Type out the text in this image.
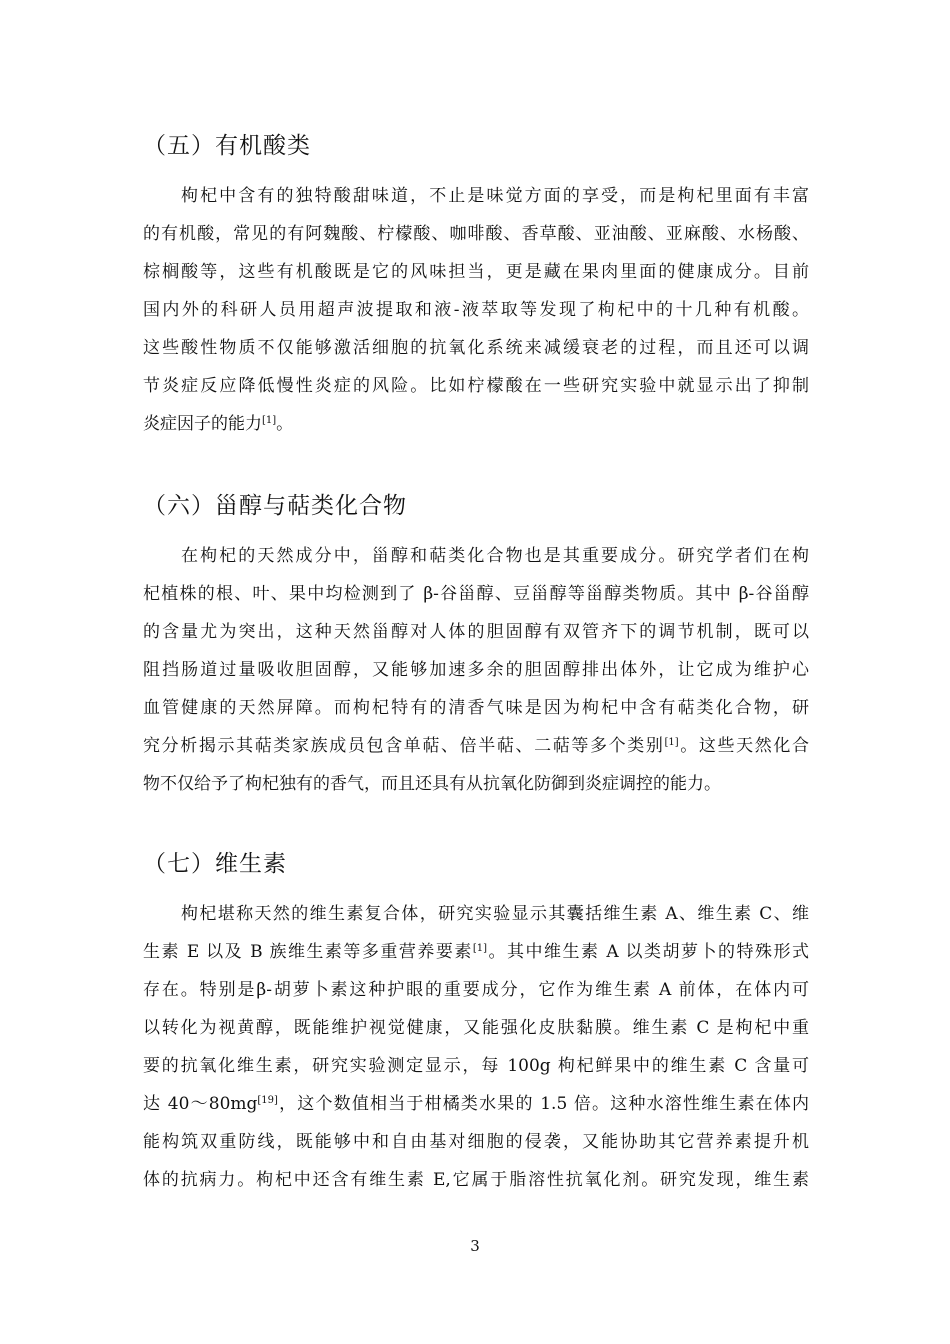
（五）有机酸类
枸杞中含有的独特酸甜味道，不止是味觉方面的享受，而是枸杞里面有丰富
的有机酸，常见的有阿魏酸、柠檬酸、咖啡酸、香草酸、亚油酸、亚麻酸、水杨酸、
棕榈酸等，这些有机酸既是它的风味担当，更是藏在果肉里面的健康成分。目前
国内外的科研人员用超声波提取和液-液萃取等发现了枸杞中的十几种有机酸。
这些酸性物质不仅能够激活细胞的抗氧化系统来减缓衰老的过程，而且还可以调
节炎症反应降低慢性炎症的风险。比如柠檬酸在一些研究实验中就显示出了抑制
炎症因子的能力[1]。
（六）甾醇与萜类化合物
在枸杞的天然成分中，甾醇和萜类化合物也是其重要成分。研究学者们在枸
杞植株的根、叶、果中均检测到了 β-谷甾醇、豆甾醇等甾醇类物质。其中 β-谷甾醇
的含量尤为突出，这种天然甾醇对人体的胆固醇有双管齐下的调节机制，既可以
阻挡肠道过量吸收胆固醇，又能够加速多余的胆固醇排出体外，让它成为维护心
血管健康的天然屏障。而枸杞特有的清香气味是因为枸杞中含有萜类化合物，研
究分析揭示其萜类家族成员包含单萜、倍半萜、二萜等多个类别[1]。这些天然化合
物不仅给予了枸杞独有的香气，而且还具有从抗氧化防御到炎症调控的能力。
（七）维生素
枸杞堪称天然的维生素复合体，研究实验显示其囊括维生素 A、维生素 C、维
生素 E 以及 B 族维生素等多重营养要素[1]。其中维生素 A 以类胡萝卜的特殊形式
存在。特别是β-胡萝卜素这种护眼的重要成分，它作为维生素 A 前体，在体内可
以转化为视黄醇，既能维护视觉健康，又能强化皮肤黏膜。维生素 C 是枸杞中重
要的抗氧化维生素，研究实验测定显示，每 100g 枸杞鲜果中的维生素 C 含量可
达 40～80mg[19]，这个数值相当于柑橘类水果的 1.5 倍。这种水溶性维生素在体内
能构筑双重防线，既能够中和自由基对细胞的侵袭，又能协助其它营养素提升机
体的抗病力。枸杞中还含有维生素 E,它属于脂溶性抗氧化剂。研究发现，维生素
3
